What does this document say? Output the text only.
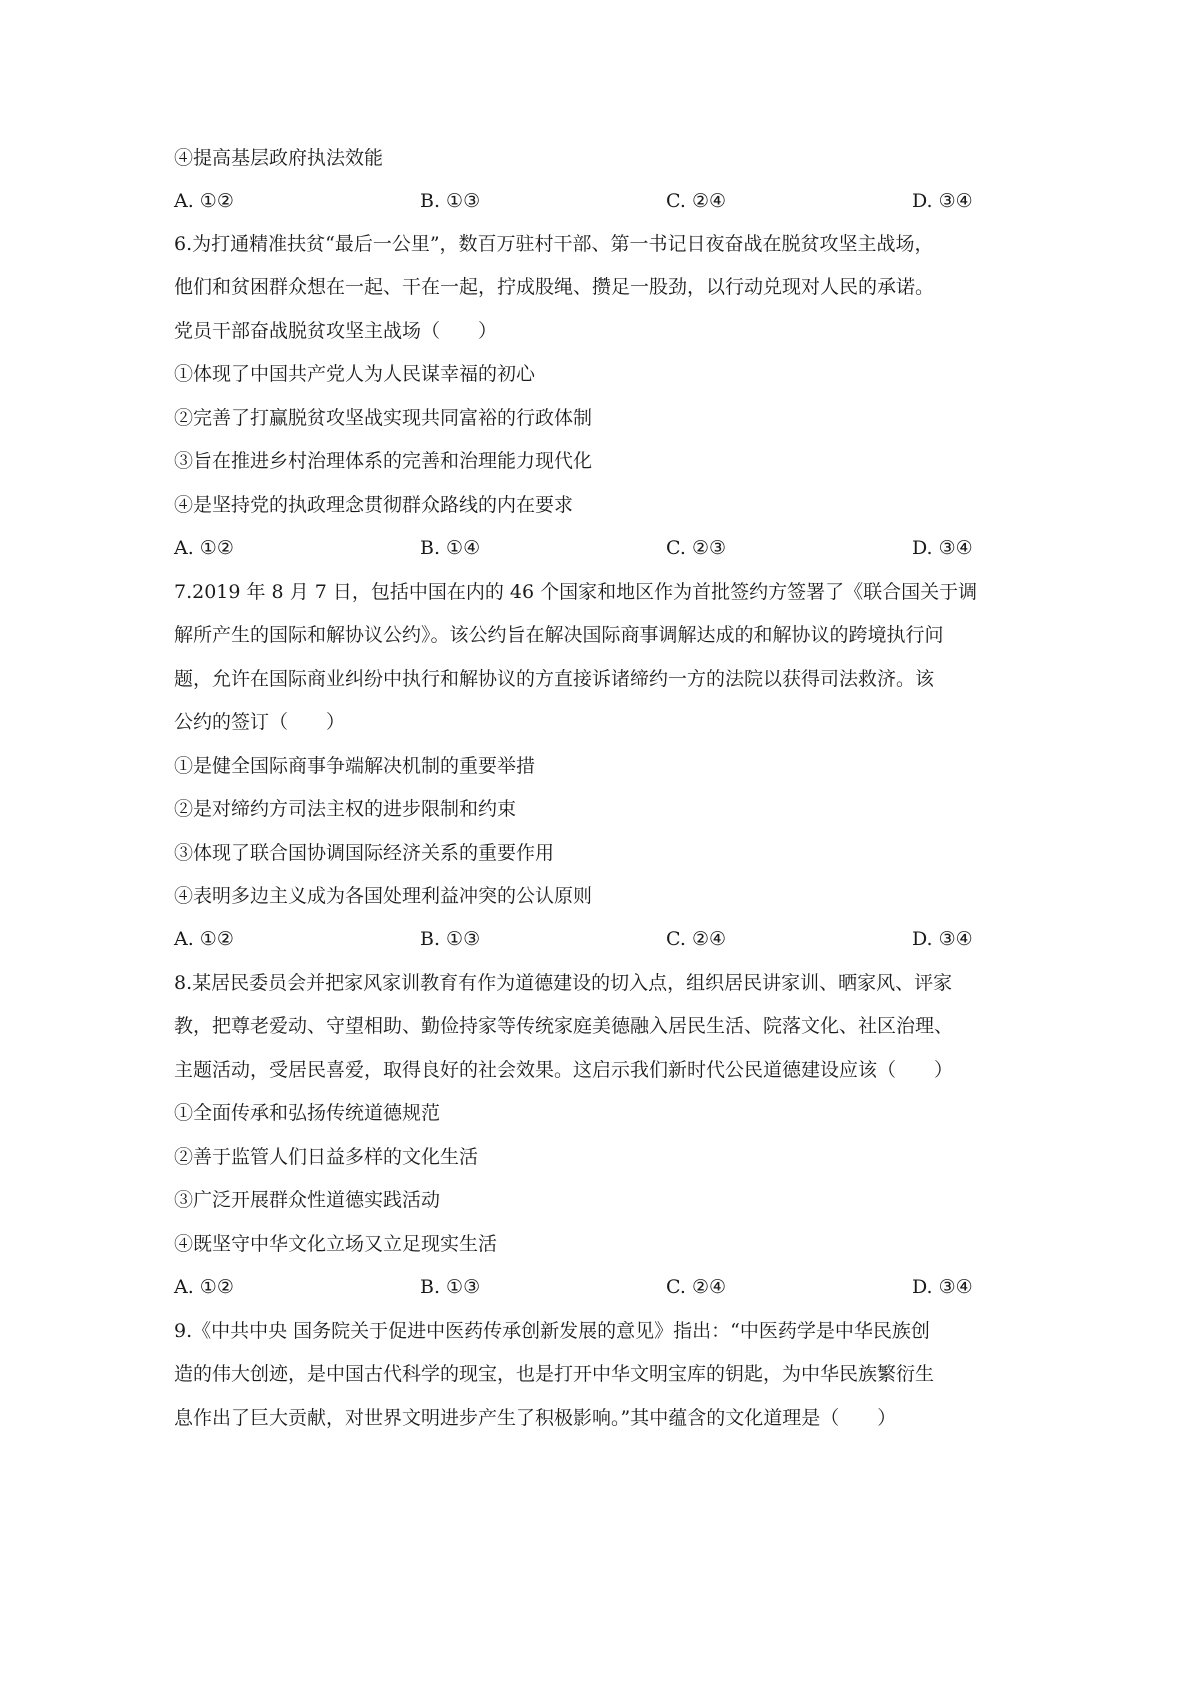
④提高基层政府执法效能
A. ①②	B. ①③	C. ②④	D. ③④
6.为打通精准扶贫“最后一公里”，数百万驻村干部、第一书记日夜奋战在脱贫攻坚主战场，
他们和贫困群众想在一起、干在一起，拧成股绳、攒足一股劲，以行动兑现对人民的承诺。
党员干部奋战脱贫攻坚主战场（　　）
①体现了中国共产党人为人民谋幸福的初心
②完善了打赢脱贫攻坚战实现共同富裕的行政体制
③旨在推进乡村治理体系的完善和治理能力现代化
④是坚持党的执政理念贯彻群众路线的内在要求
A. ①②	B. ①④	C. ②③	D. ③④
7.2019 年 8 月 7 日，包括中国在内的 46 个国家和地区作为首批签约方签署了《联合国关于调
解所产生的国际和解协议公约》。该公约旨在解决国际商事调解达成的和解协议的跨境执行问
题，允许在国际商业纠纷中执行和解协议的方直接诉诸缔约一方的法院以获得司法救济。该
公约的签订（　　）
①是健全国际商事争端解决机制的重要举措
②是对缔约方司法主权的进步限制和约束
③体现了联合国协调国际经济关系的重要作用
④表明多边主义成为各国处理利益冲突的公认原则
A. ①②	B. ①③	C. ②④	D. ③④
8.某居民委员会并把家风家训教育有作为道德建设的切入点，组织居民讲家训、晒家风、评家
教，把尊老爱动、守望相助、勤俭持家等传统家庭美德融入居民生活、院落文化、社区治理、
主题活动，受居民喜爱，取得良好的社会效果。这启示我们新时代公民道德建设应该（　　）
①全面传承和弘扬传统道德规范
②善于监管人们日益多样的文化生活
③广泛开展群众性道德实践活动
④既坚守中华文化立场又立足现实生活
A. ①②	B. ①③	C. ②④	D. ③④
9.《中共中央 国务院关于促进中医药传承创新发展的意见》指出：“中医药学是中华民族创
造的伟大创迹，是中国古代科学的现宝，也是打开中华文明宝库的钥匙，为中华民族繁衍生
息作出了巨大贡献，对世界文明进步产生了积极影响。”其中蕴含的文化道理是（　　）
